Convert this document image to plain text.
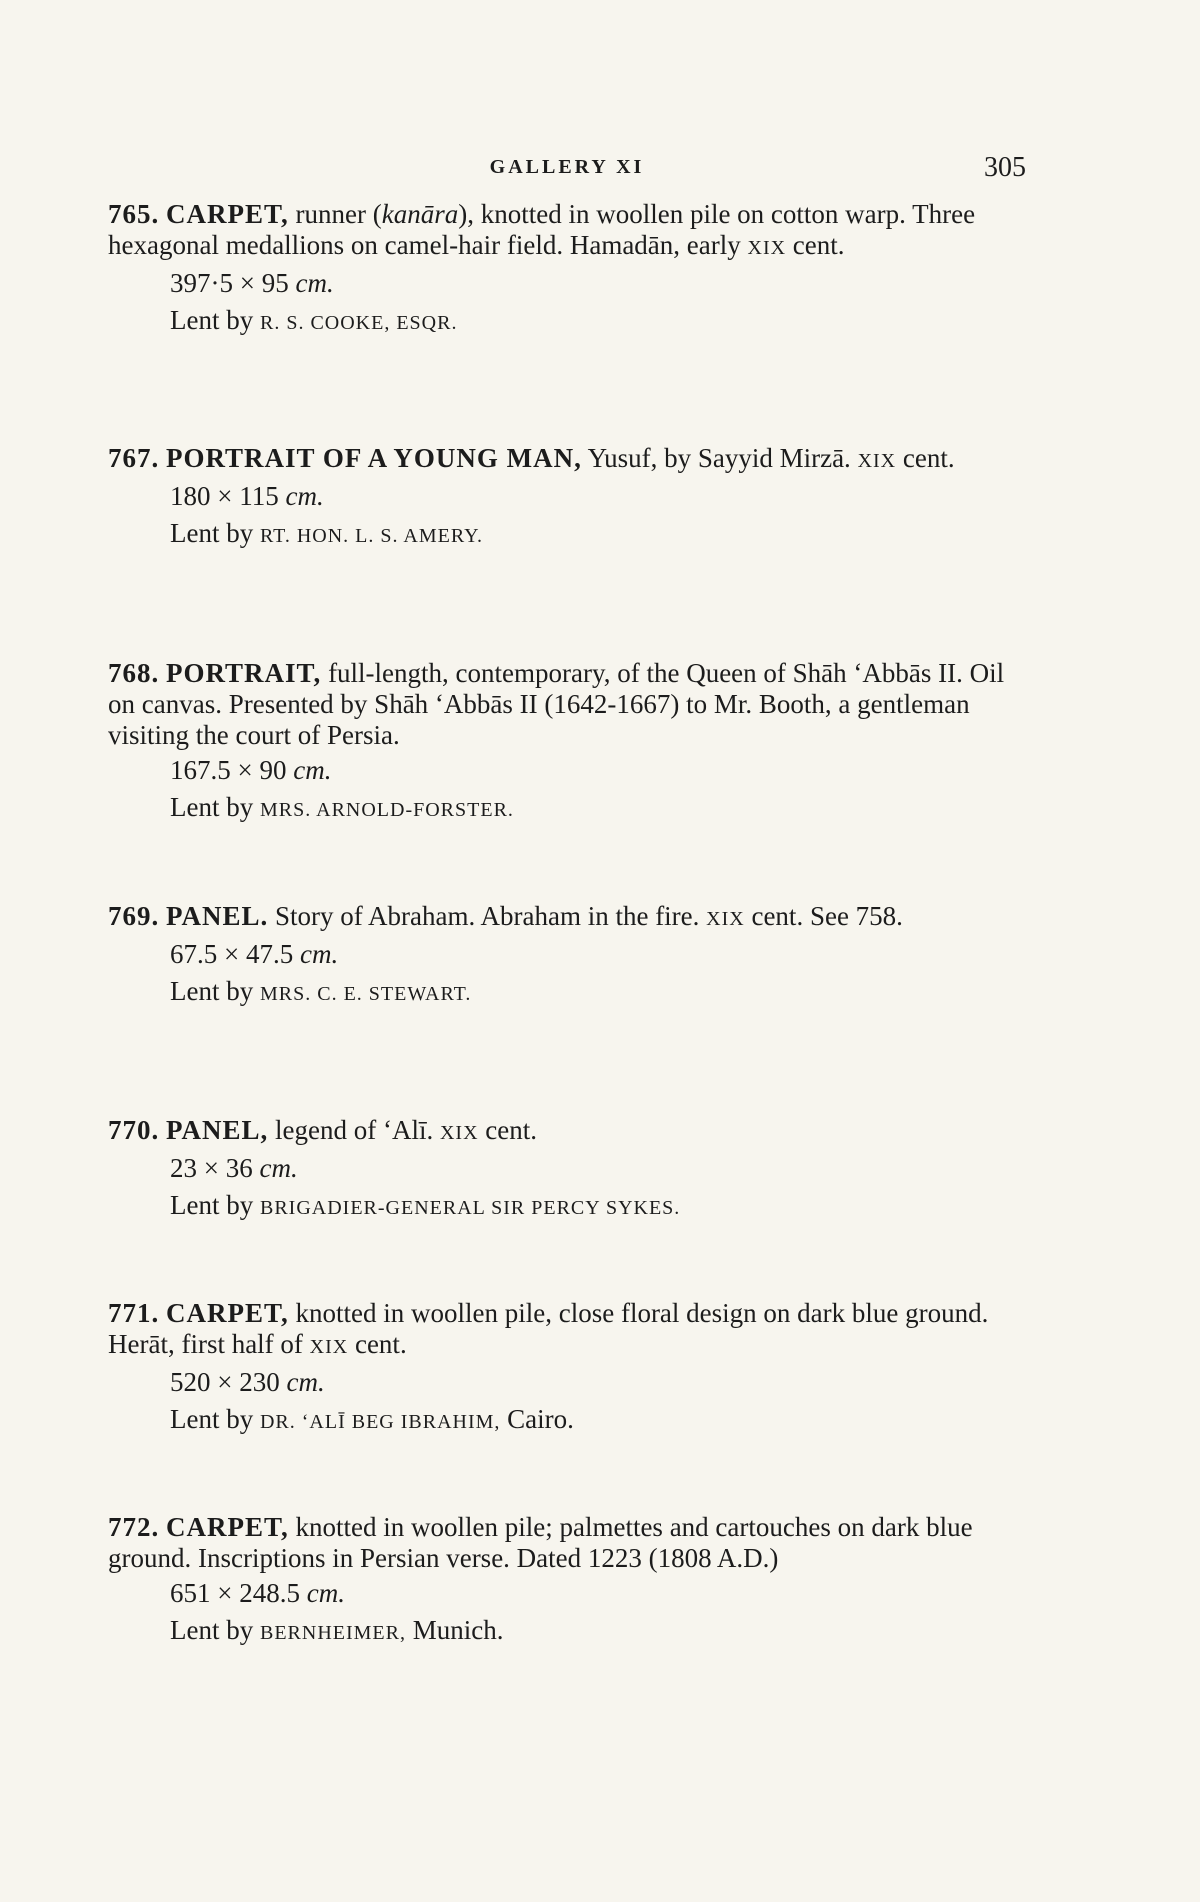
GALLERY XI	305

765. CARPET, runner (kanāra), knotted in woollen pile on cotton warp. Three hexagonal medallions on camel-hair field. Hamadān, early XIX cent.

397·5 × 95 cm.
Lent by R. S. COOKE, ESQR.

767. PORTRAIT OF A YOUNG MAN, Yusuf, by Sayyid Mirzā. XIX cent.

180 × 115 cm.
Lent by RT. HON. L. S. AMERY.

768. PORTRAIT, full-length, contemporary, of the Queen of Shāh ‘Abbās II. Oil on canvas. Presented by Shāh ‘Abbās II (1642-1667) to Mr. Booth, a gentleman visiting the court of Persia.

167.5 × 90 cm.
Lent by MRS. ARNOLD-FORSTER.

769. PANEL. Story of Abraham. Abraham in the fire. XIX cent. See 758.

67.5 × 47.5 cm.
Lent by MRS. C. E. STEWART.

770. PANEL, legend of ‘Alī. XIX cent.

23 × 36 cm.
Lent by BRIGADIER-GENERAL SIR PERCY SYKES.

771. CARPET, knotted in woollen pile, close floral design on dark blue ground. Herāt, first half of XIX cent.

520 × 230 cm.
Lent by DR. ‘ALĪ BEG IBRAHIM, Cairo.

772. CARPET, knotted in woollen pile; palmettes and cartouches on dark blue ground. Inscriptions in Persian verse. Dated 1223 (1808 A.D.)

651 × 248.5 cm.
Lent by BERNHEIMER, Munich.
